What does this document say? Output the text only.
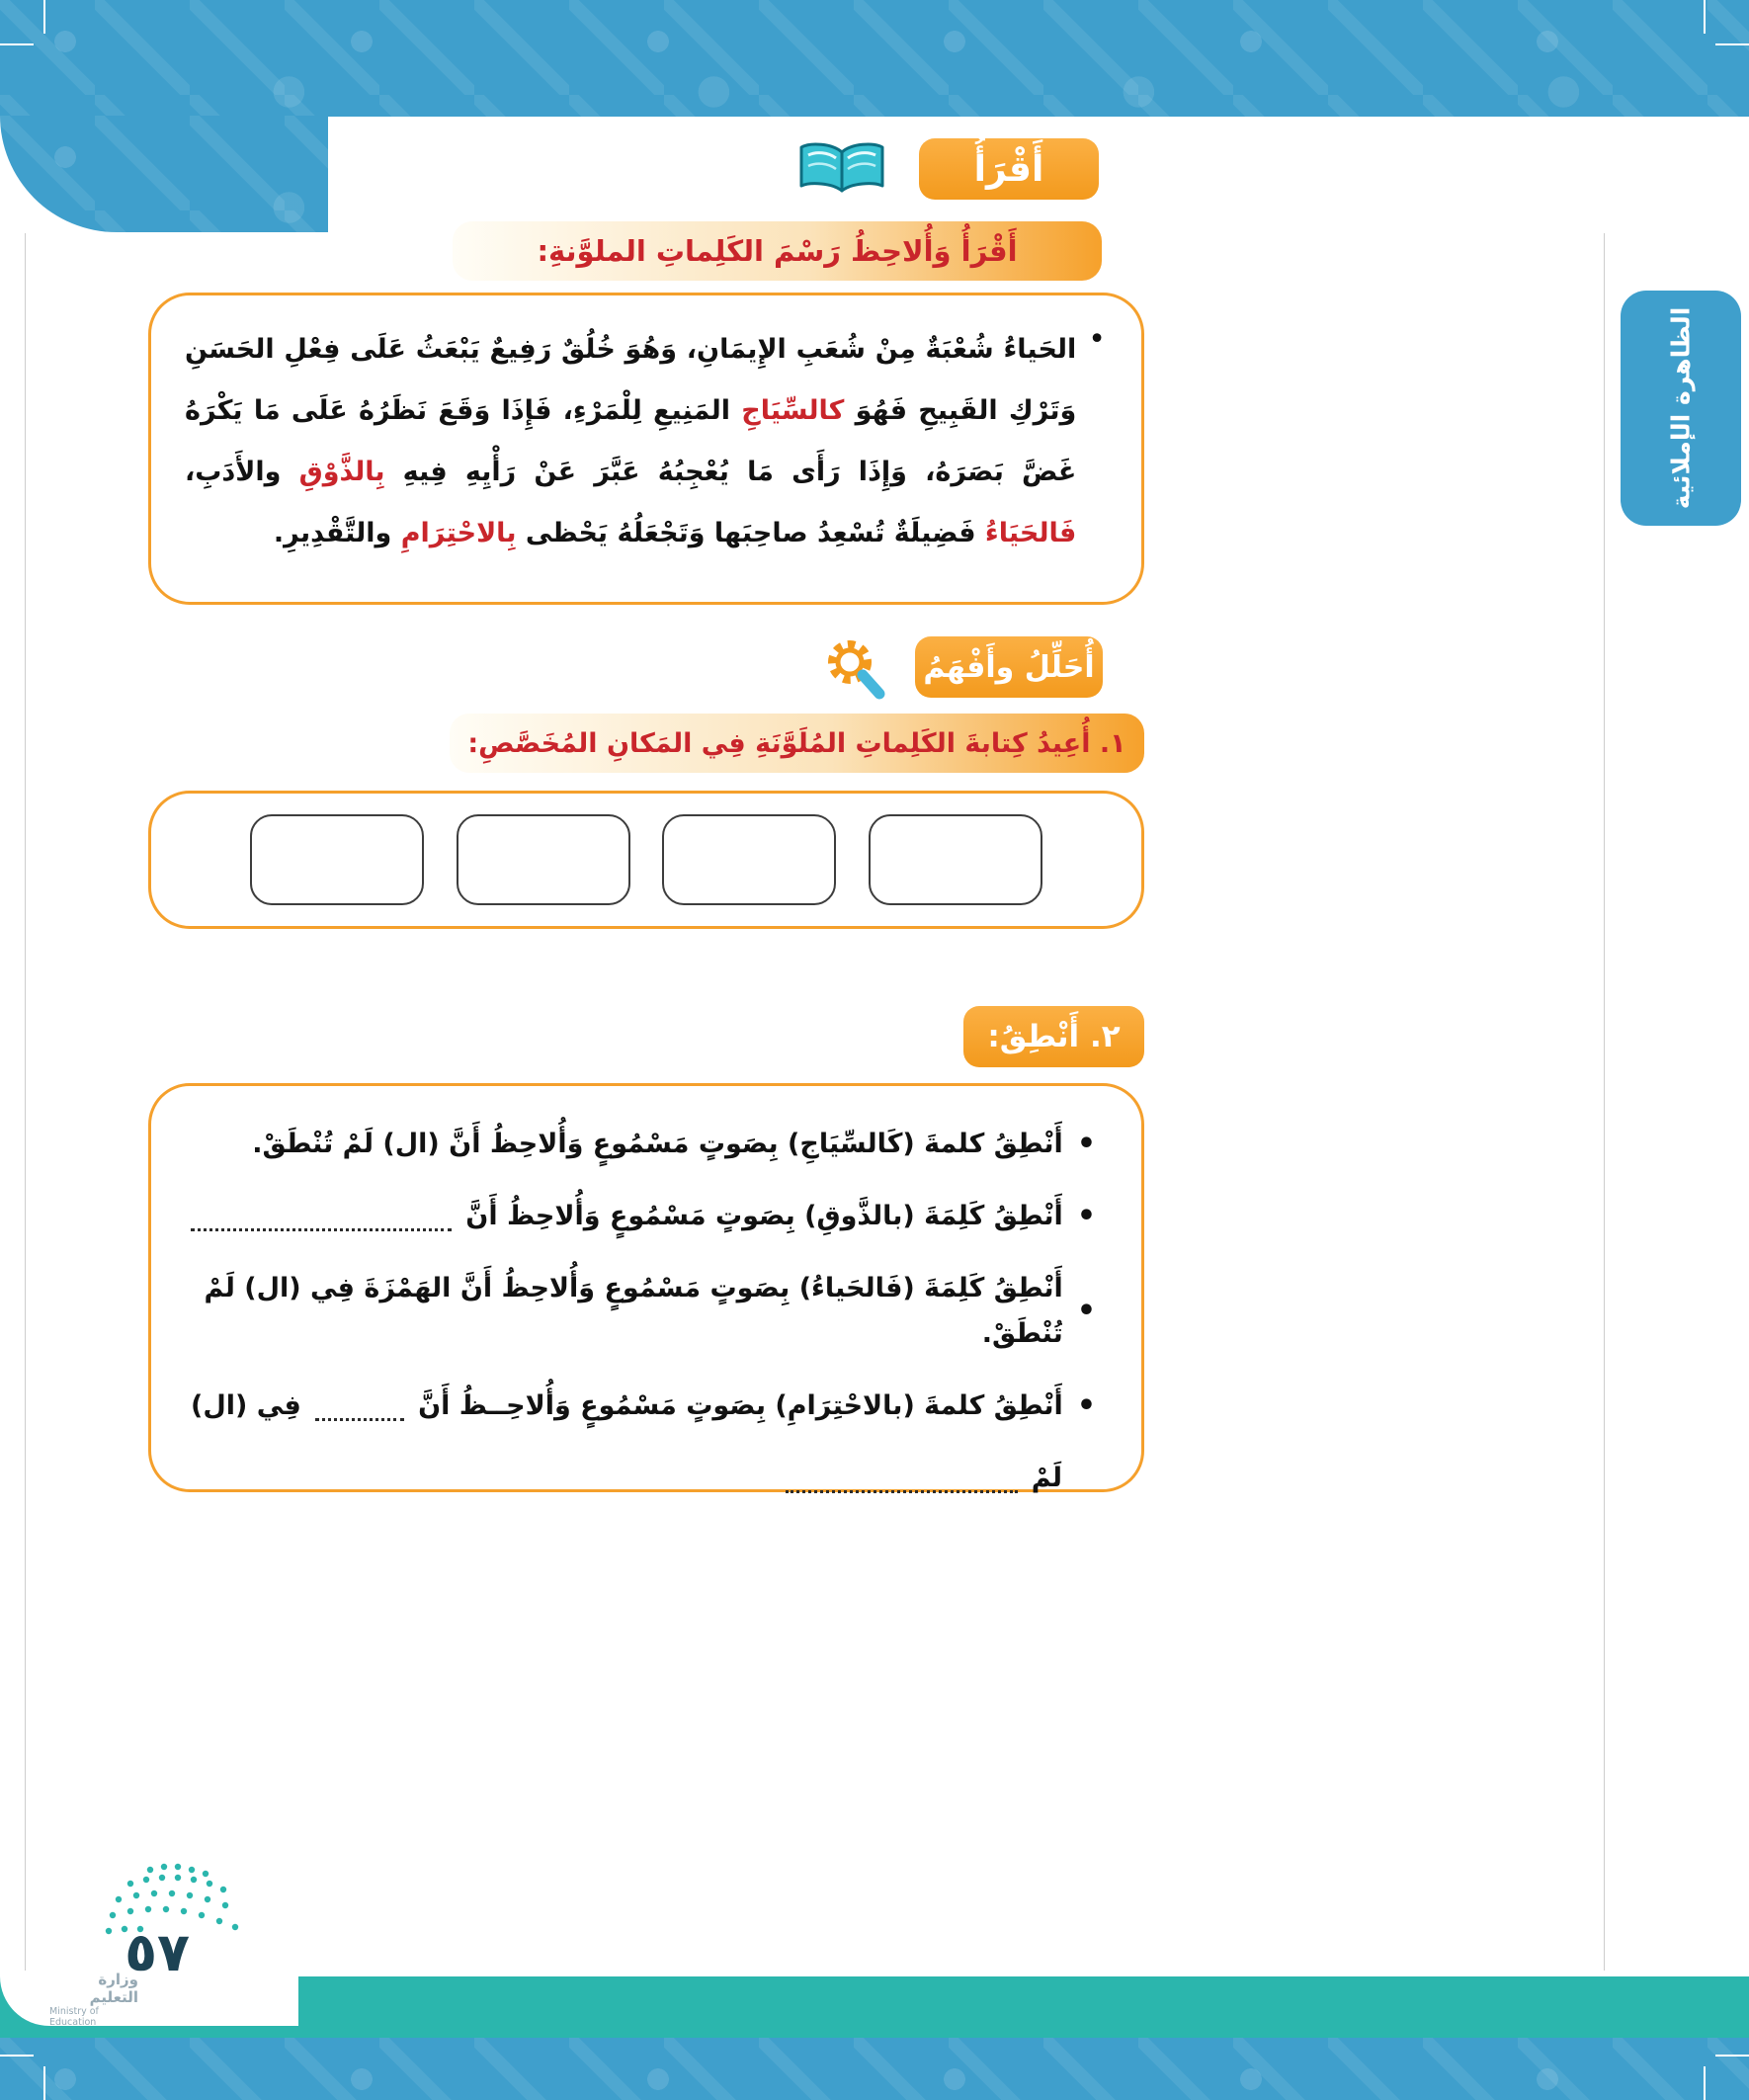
الظاهرة الإملائية
أَقْرَأُ
أَقْرَأُ وَأُلاحِظُ رَسْمَ الكَلِماتِ الملوَّنةِ:
•
الحَياءُ شُعْبَةٌ مِنْ شُعَبِ الإِيمَانِ، وَهُوَ خُلُقٌ رَفِيعٌ يَبْعَثُ عَلَى فِعْلِ الحَسَنِ وَتَرْكِ القَبِيحِ فَهُوَ كالسِّيَاجِ المَنِيعِ لِلْمَرْءِ، فَإِذَا وَقَعَ نَظَرُهُ عَلَى مَا يَكْرَهُ غَضَّ بَصَرَهُ، وَإِذَا رَأَى مَا يُعْجِبُهُ عَبَّرَ عَنْ رَأْيِهِ فِيهِ بِالذَّوْقِ والأَدَبِ، فَالحَيَاءُ فَضِيلَةٌ تُسْعِدُ صاحِبَها وَتَجْعَلُهُ يَحْظى بِالاحْتِرَامِ والتَّقْدِيرِ.
أُحَلِّلُ وأَفْهَمُ
١. أُعِيدُ كِتابةَ الكَلِماتِ المُلَوَّنَةِ فِي المَكانِ المُخَصَّصِ:
٢. أَنْطِقُ:
•
أَنْطِقُ كلمةَ (كَالسِّيَاجِ) بِصَوتٍ مَسْمُوعٍ وَأُلاحِظُ أَنَّ (ال) لَمْ تُنْطَقْ.
•
أَنْطِقُ كَلِمَةَ (بالذَّوقِ) بِصَوتٍ مَسْمُوعٍ وَأُلاحِظُ أَنَّ
•
أَنْطِقُ كَلِمَةَ (فَالحَياءُ) بِصَوتٍ مَسْمُوعٍ وَأُلاحِظُ أَنَّ الهَمْزَةَ فِي (ال) لَمْ تُنْطَقْ.
•
أَنْطِقُ كلمةَ (بالاحْتِرَامِ) بِصَوتٍ مَسْمُوعٍ وَأُلاحِــظُ أَنَّ
فِي (ال)
لَمْ
٥٧
وزارة التعليم
Ministry of Education
